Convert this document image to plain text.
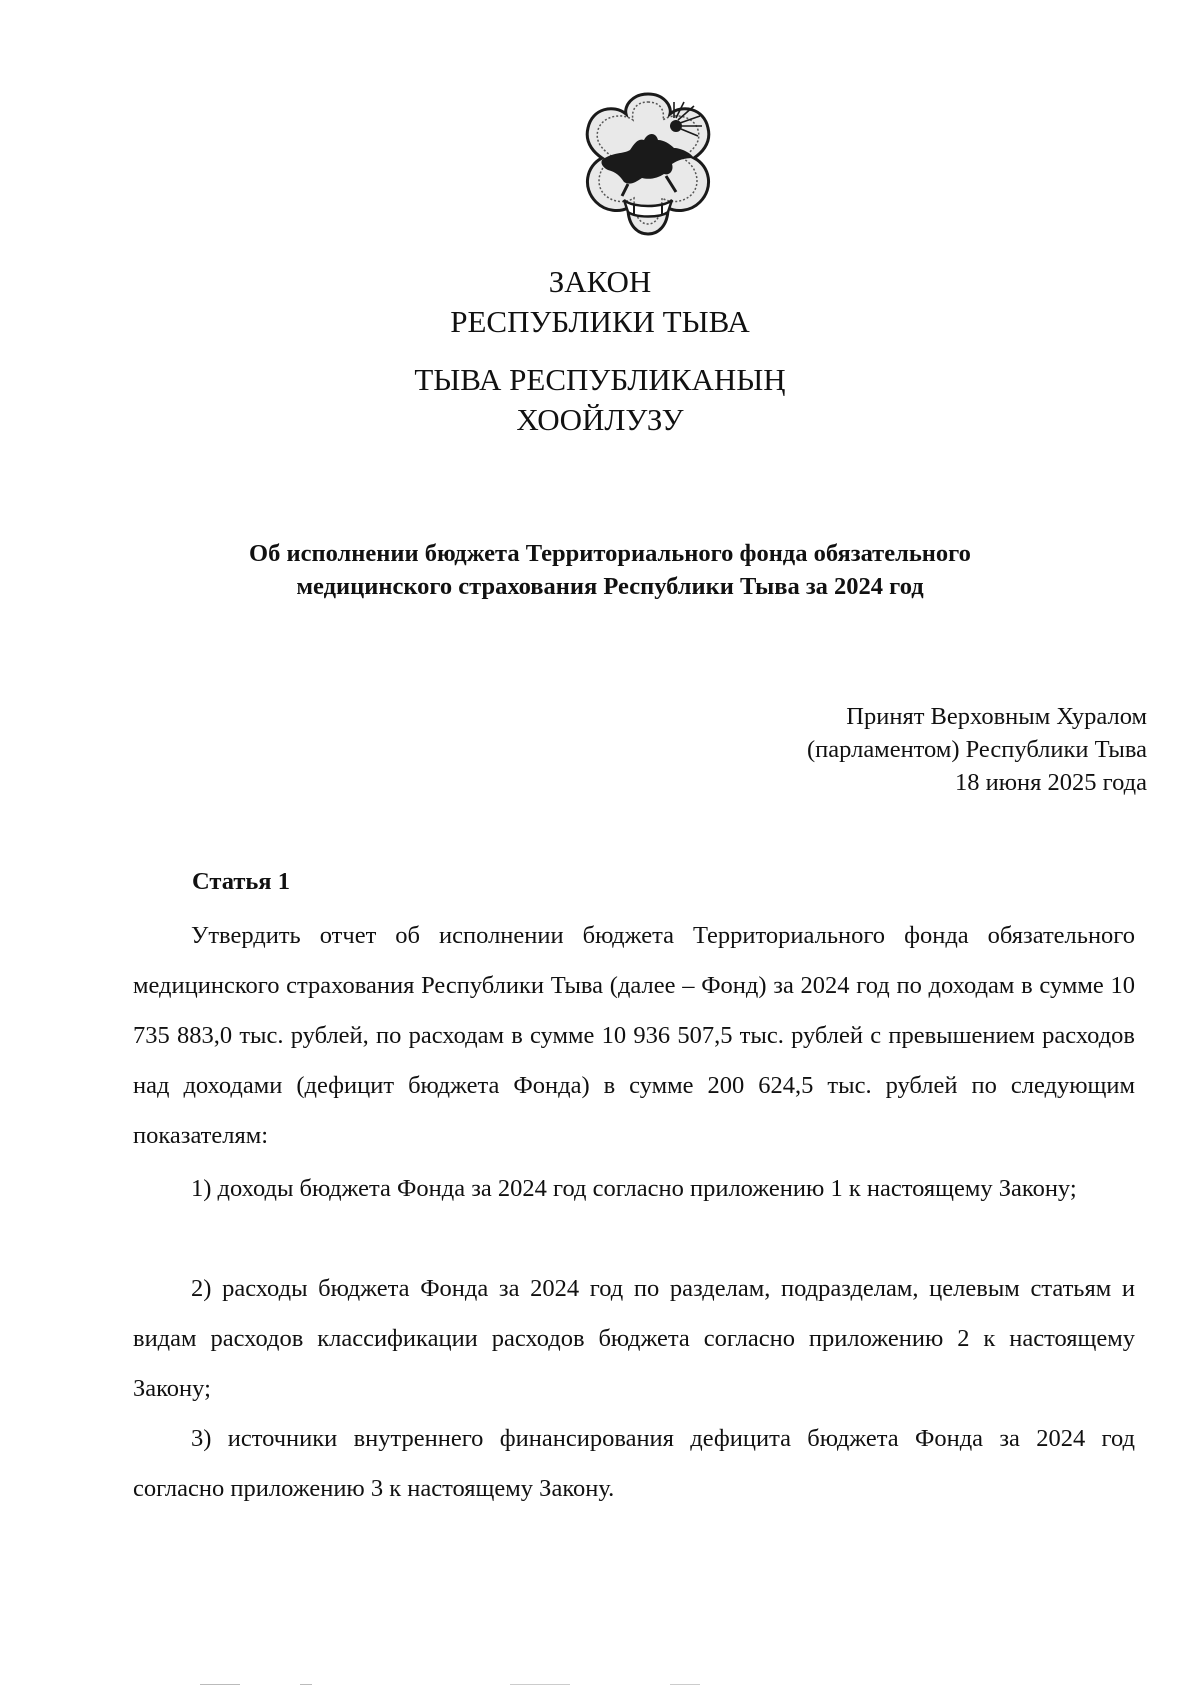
ЗАКОН
РЕСПУБЛИКИ ТЫВА
ТЫВА РЕСПУБЛИКАНЫҢ
ХООЙЛУЗУ
Об исполнении бюджета Территориального фонда обязательного
медицинского страхования Республики Тыва за 2024 год
Принят Верховным Хуралом
(парламентом) Республики Тыва
18 июня 2025 года
Статья 1

Утвердить отчет об исполнении бюджета Территориального фонда обязательного медицинского страхования Республики Тыва (далее – Фонд) за 2024 год по доходам в сумме 10 735 883,0 тыс. рублей, по расходам в сумме 10 936 507,5 тыс. рублей с превышением расходов над доходами (дефицит бюджета Фонда) в сумме 200 624,5 тыс. рублей по следующим показателям:

1) доходы бюджета Фонда за 2024 год согласно приложению 1 к настоящему Закону;

2) расходы бюджета Фонда за 2024 год по разделам, подразделам, целевым статьям и видам расходов классификации расходов бюджета согласно приложению 2 к настоящему Закону;

3) источники внутреннего финансирования дефицита бюджета Фонда за 2024 год согласно приложению 3 к настоящему Закону.
